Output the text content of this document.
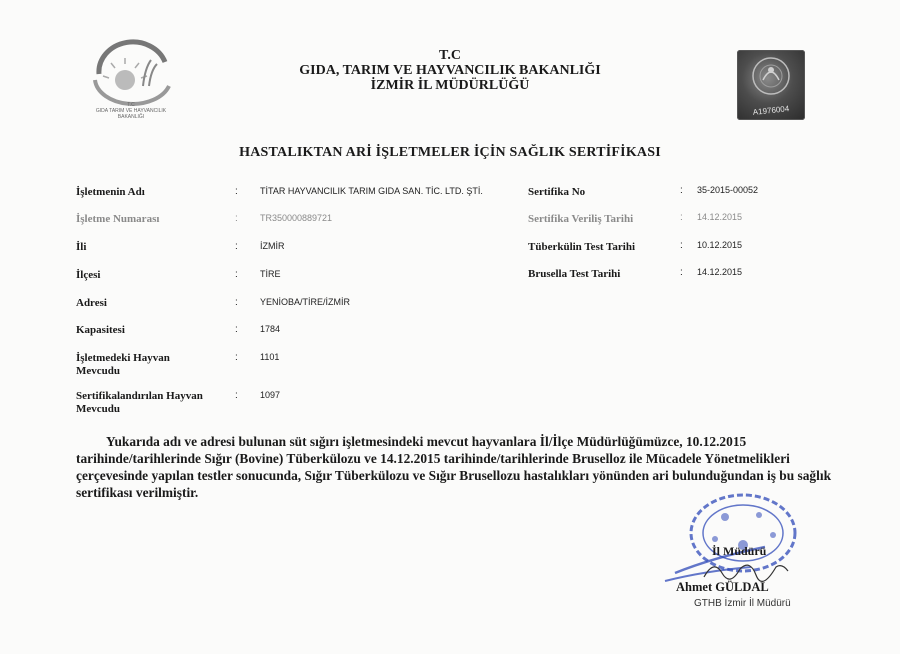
T.C
GIDA TARIM VE HAYVANCILIK
BAKANLIĞI
T.C
GIDA, TARIM VE HAYVANCILIK BAKANLIĞI
İZMİR İL MÜDÜRLÜĞÜ
A1976004
HASTALIKTAN ARİ İŞLETMELER İÇİN SAĞLIK SERTİFİKASI
İşletmenin Adı	: TİTAR HAYVANCILIK TARIM GIDA SAN. TİC. LTD. ŞTİ.
İşletme Numarası	: TR350000889721
İli	: İZMİR
İlçesi	: TİRE
Adresi	: YENİOBA/TİRE/İZMİR
Kapasitesi	: 1784
İşletmedeki Hayvan
Mevcudu
: 1101
Sertifikalandırılan Hayvan
Mevcudu
: 1097
Sertifika No	: 35-2015-00052
Sertifika Veriliş Tarihi	: 14.12.2015
Tüberkülin Test Tarihi	: 10.12.2015
Brusella Test Tarihi	: 14.12.2015
Yukarıda adı ve adresi bulunan süt sığırı işletmesindeki mevcut hayvanlara İl/İlçe Müdürlüğümüzce, 10.12.2015 tarihinde/tarihlerinde Sığır (Bovine) Tüberkülozu ve 14.12.2015 tarihinde/tarihlerinde Bruselloz ile Mücadele Yönetmelikleri çerçevesinde yapılan testler sonucunda, Sığır Tüberkülozu ve Sığır Brusellozu hastalıkları yönünden ari bulunduğundan iş bu sağlık sertifikası verilmiştir.
İl Müdürü
Ahmet GÜLDAL
GTHB İzmir İl Müdürü
